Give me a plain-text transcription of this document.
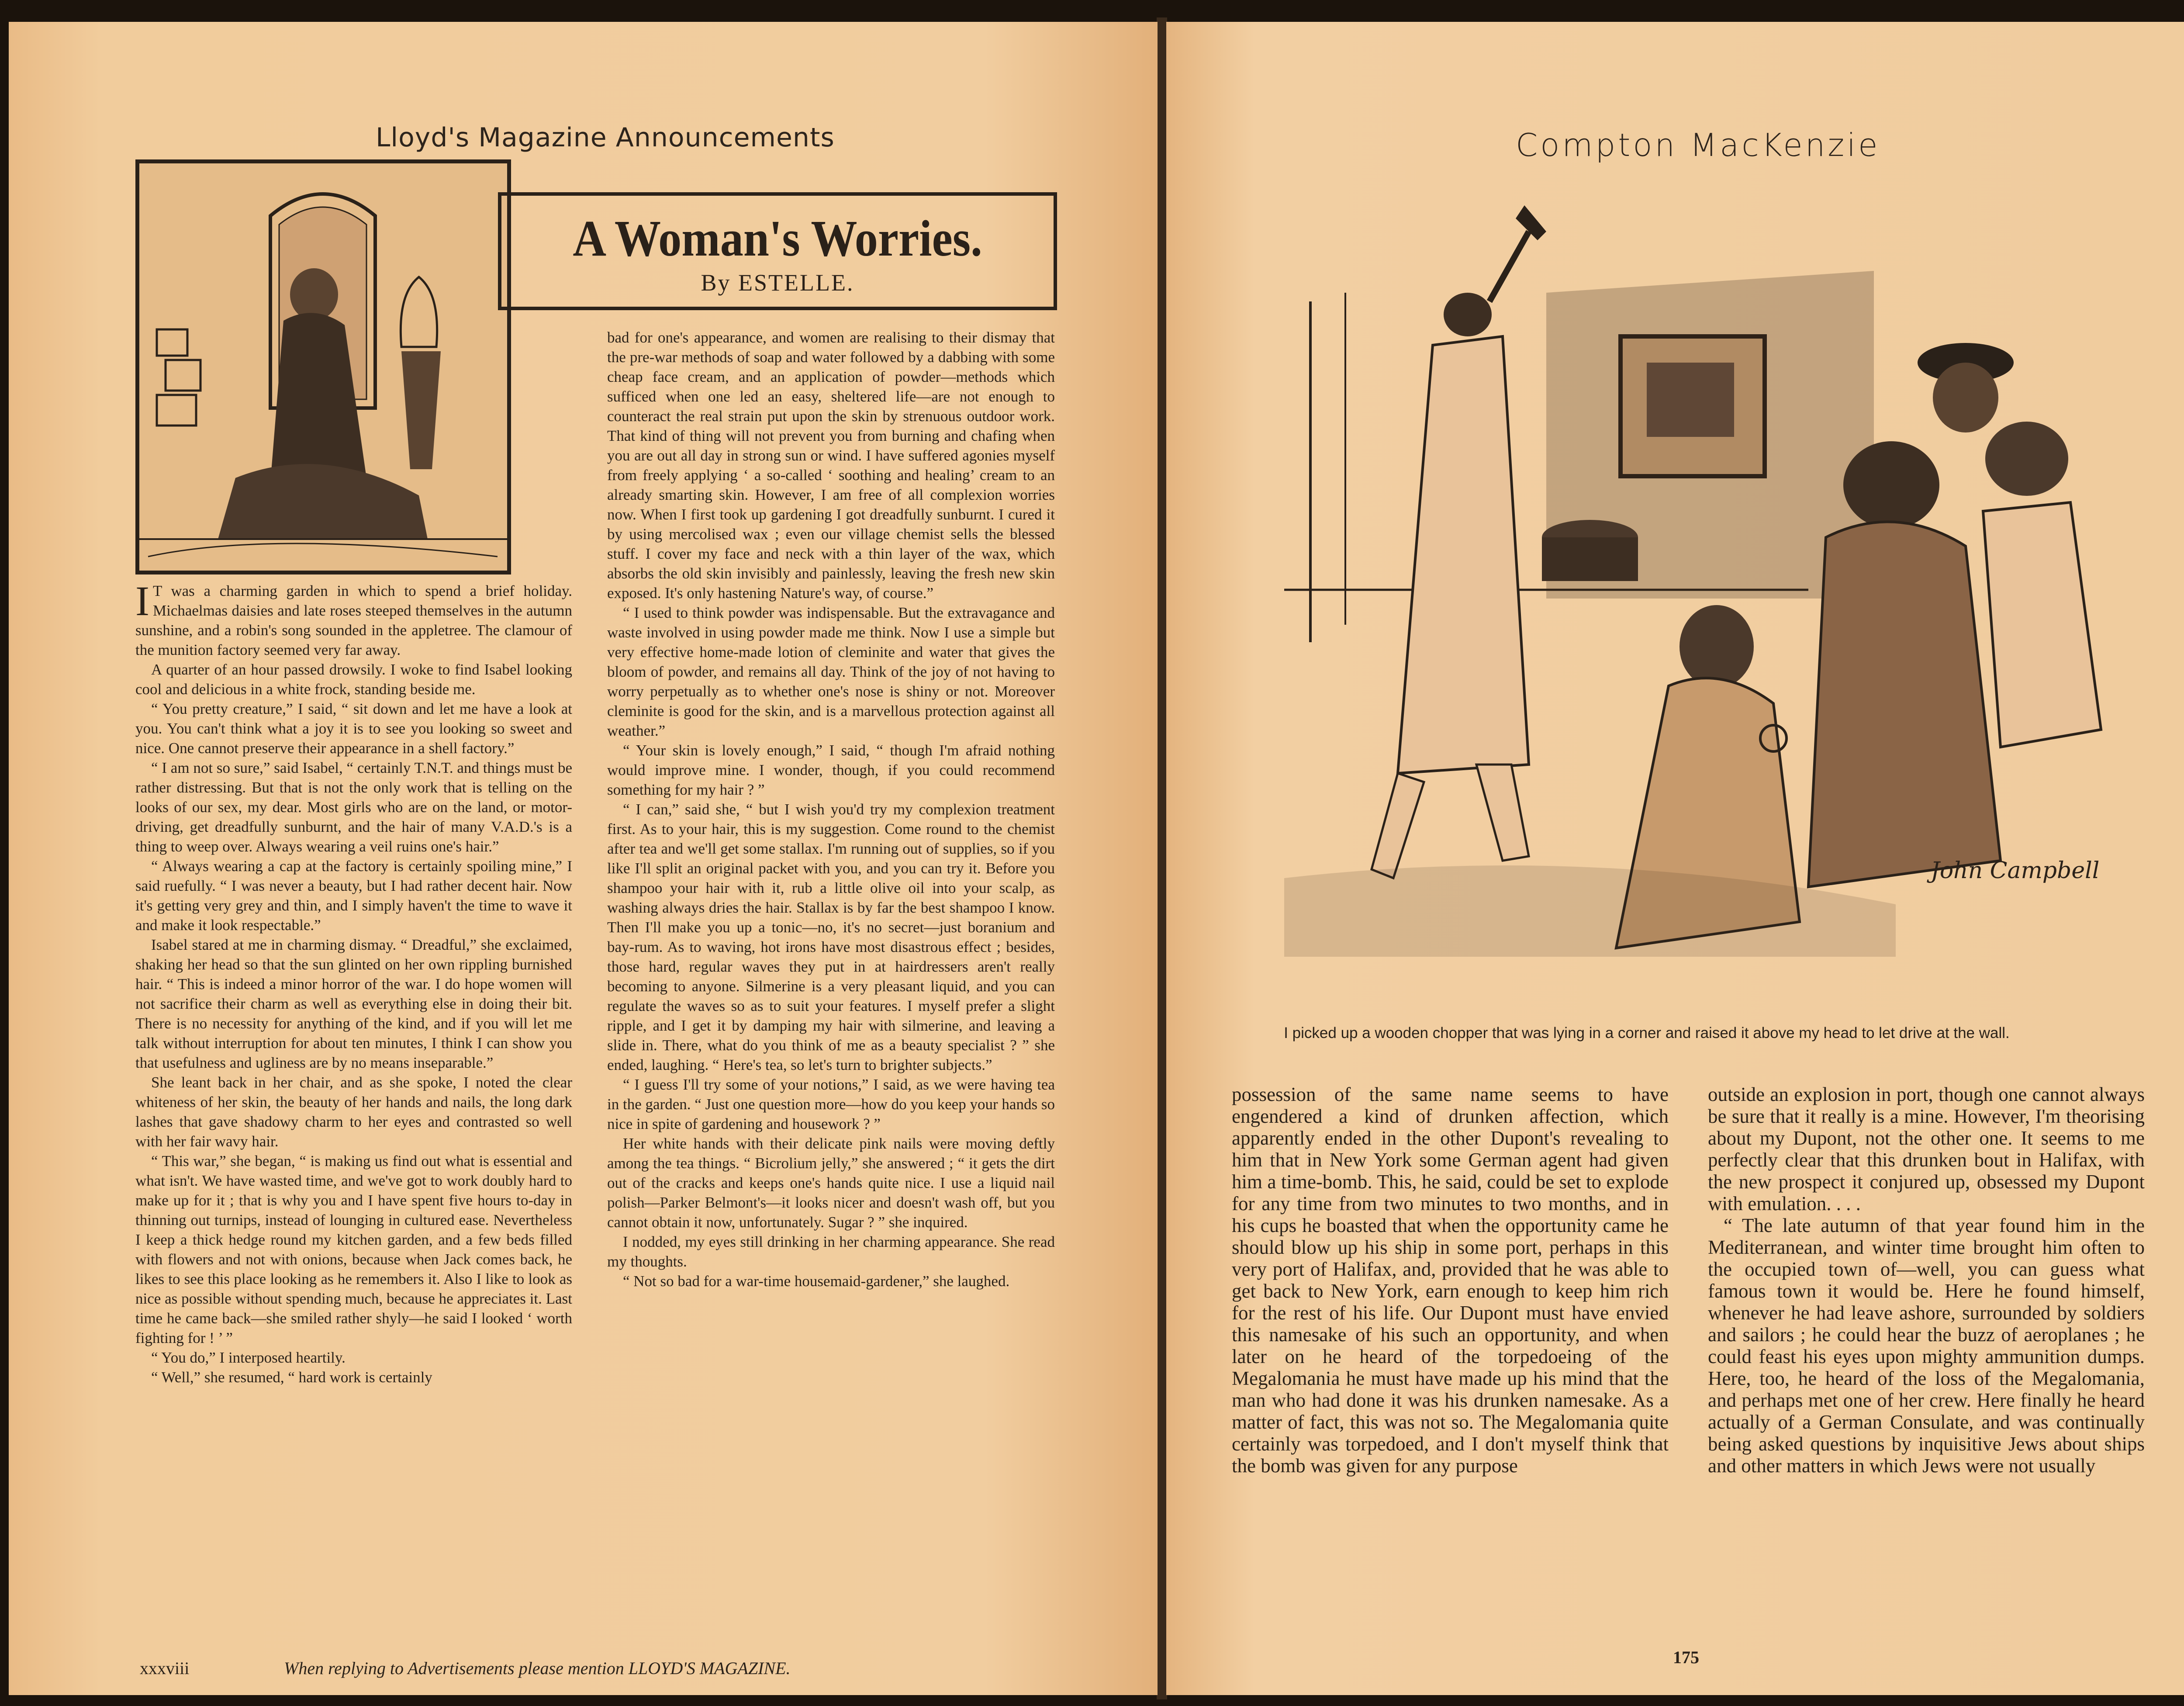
Lloyd's Magazine Announcements
A Woman's Worries.
By ESTELLE.

I T was a charming garden in which to spend a brief holiday. Michaelmas daisies and late roses steeped themselves in the autumn sunshine, and a robin's song sounded in the appletree. The clamour of the munition factory seemed very far away.

A quarter of an hour passed drowsily. I woke to find Isabel looking cool and delicious in a white frock, standing beside me.

“ You pretty creature,” I said, “ sit down and let me have a look at you. You can't think what a joy it is to see you looking so sweet and nice. One cannot preserve their appearance in a shell factory.”

“ I am not so sure,” said Isabel, “ certainly T.N.T. and things must be rather distressing. But that is not the only work that is telling on the looks of our sex, my dear. Most girls who are on the land, or motor-driving, get dreadfully sunburnt, and the hair of many V.A.D.'s is a thing to weep over. Always wearing a veil ruins one's hair.”

“ Always wearing a cap at the factory is certainly spoiling mine,” I said ruefully. “ I was never a beauty, but I had rather decent hair. Now it's getting very grey and thin, and I simply haven't the time to wave it and make it look respectable.”

Isabel stared at me in charming dismay. “ Dreadful,” she exclaimed, shaking her head so that the sun glinted on her own rippling burnished hair. “ This is indeed a minor horror of the war. I do hope women will not sacrifice their charm as well as everything else in doing their bit. There is no necessity for anything of the kind, and if you will let me talk without interruption for about ten minutes, I think I can show you that usefulness and ugliness are by no means inseparable.”

She leant back in her chair, and as she spoke, I noted the clear whiteness of her skin, the beauty of her hands and nails, the long dark lashes that gave shadowy charm to her eyes and contrasted so well with her fair wavy hair.

“ This war,” she began, “ is making us find out what is essential and what isn't. We have wasted time, and we've got to work doubly hard to make up for it ; that is why you and I have spent five hours to-day in thinning out turnips, instead of lounging in cultured ease. Nevertheless I keep a thick hedge round my kitchen garden, and a few beds filled with flowers and not with onions, because when Jack comes back, he likes to see this place looking as he remembers it. Also I like to look as nice as possible without spending much, because he appreciates it. Last time he came back—she smiled rather shyly—he said I looked ‘ worth fighting for ! ’ ”

“ You do,” I interposed heartily.

“ Well,” she resumed, “ hard work is certainly

bad for one's appearance, and women are realising to their dismay that the pre-war methods of soap and water followed by a dabbing with some cheap face cream, and an application of powder—methods which sufficed when one led an easy, sheltered life—are not enough to counteract the real strain put upon the skin by strenuous outdoor work. That kind of thing will not prevent you from burning and chafing when you are out all day in strong sun or wind. I have suffered agonies myself from freely applying ‘ a so-called ‘ soothing and healing’ cream to an already smarting skin. However, I am free of all complexion worries now. When I first took up gardening I got dreadfully sunburnt. I cured it by using mercolised wax ; even our village chemist sells the blessed stuff. I cover my face and neck with a thin layer of the wax, which absorbs the old skin invisibly and painlessly, leaving the fresh new skin exposed. It's only hastening Nature's way, of course.”

“ I used to think powder was indispensable. But the extravagance and waste involved in using powder made me think. Now I use a simple but very effective home-made lotion of cleminite and water that gives the bloom of powder, and remains all day. Think of the joy of not having to worry perpetually as to whether one's nose is shiny or not. Moreover cleminite is good for the skin, and is a marvellous protection against all weather.”

“ Your skin is lovely enough,” I said, “ though I'm afraid nothing would improve mine. I wonder, though, if you could recommend something for my hair ? ”

“ I can,” said she, “ but I wish you'd try my complexion treatment first. As to your hair, this is my suggestion. Come round to the chemist after tea and we'll get some stallax. I'm running out of supplies, so if you like I'll split an original packet with you, and you can try it. Before you shampoo your hair with it, rub a little olive oil into your scalp, as washing always dries the hair. Stallax is by far the best shampoo I know. Then I'll make you up a tonic—no, it's no secret—just boranium and bay-rum. As to waving, hot irons have most disastrous effect ; besides, those hard, regular waves they put in at hairdressers aren't really becoming to anyone. Silmerine is a very pleasant liquid, and you can regulate the waves so as to suit your features. I myself prefer a slight ripple, and I get it by damping my hair with silmerine, and leaving a slide in. There, what do you think of me as a beauty specialist ? ” she ended, laughing. “ Here's tea, so let's turn to brighter subjects.”

“ I guess I'll try some of your notions,” I said, as we were having tea in the garden. “ Just one question more—how do you keep your hands so nice in spite of gardening and housework ? ”

Her white hands with their delicate pink nails were moving deftly among the tea things. “ Bicrolium jelly,” she answered ; “ it gets the dirt out of the cracks and keeps one's hands quite nice. I use a liquid nail polish—Parker Belmont's—it looks nicer and doesn't wash off, but you cannot obtain it now, unfortunately. Sugar ? ” she inquired.

I nodded, my eyes still drinking in her charming appearance. She read my thoughts.

“ Not so bad for a war-time housemaid-gardener,” she laughed.

xxxviii	When replying to Advertisements please mention LLOYD'S MAGAZINE.
Compton MacKenzie
John Campbell
I picked up a wooden chopper that was lying in a corner and raised it above my head to let drive at the wall.

possession of the same name seems to have engendered a kind of drunken affection, which apparently ended in the other Dupont's revealing to him that in New York some German agent had given him a time-bomb. This, he said, could be set to explode for any time from two minutes to two months, and in his cups he boasted that when the opportunity came he should blow up his ship in some port, perhaps in this very port of Halifax, and, provided that he was able to get back to New York, earn enough to keep him rich for the rest of his life. Our Dupont must have envied this namesake of his such an opportunity, and when later on he heard of the torpedoeing of the Megalomania he must have made up his mind that the man who had done it was his drunken namesake. As a matter of fact, this was not so. The Megalomania quite certainly was torpedoed, and I don't myself think that the bomb was given for any purpose

outside an explosion in port, though one cannot always be sure that it really is a mine. However, I'm theorising about my Dupont, not the other one. It seems to me perfectly clear that this drunken bout in Halifax, with the new prospect it conjured up, obsessed my Dupont with emulation. . . .

“ The late autumn of that year found him in the Mediterranean, and winter time brought him often to the occupied town of—well, you can guess what famous town it would be. Here he found himself, whenever he had leave ashore, surrounded by soldiers and sailors ; he could hear the buzz of aeroplanes ; he could feast his eyes upon mighty ammunition dumps. Here, too, he heard of the loss of the Megalomania, and perhaps met one of her crew. Here finally he heard actually of a German Consulate, and was continually being asked questions by inquisitive Jews about ships and other matters in which Jews were not usually

175
